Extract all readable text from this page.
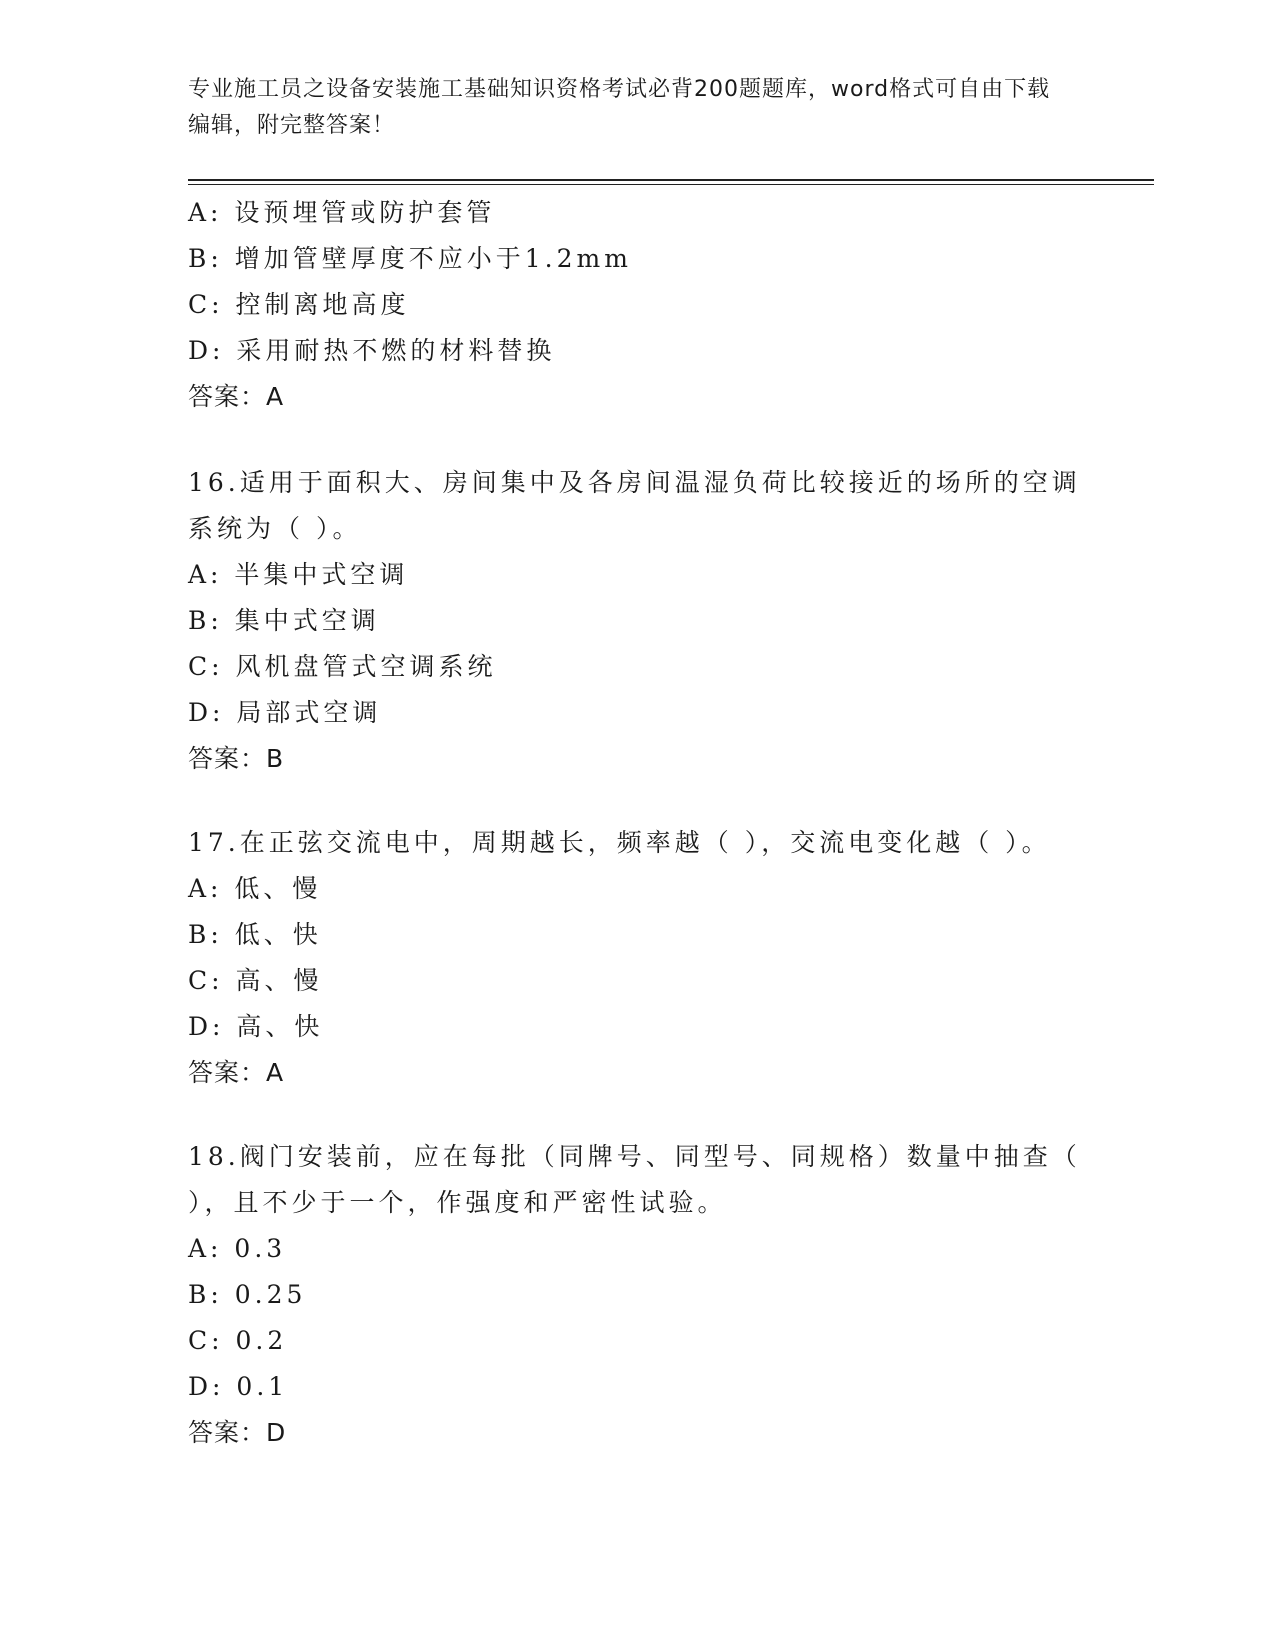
专业施工员之设备安装施工基础知识资格考试必背200题题库，word格式可自由下载编辑，附完整答案！
A: 设预埋管或防护套管
B: 增加管壁厚度不应小于1.2mm
C: 控制离地高度
D: 采用耐热不燃的材料替换
答案：A
16.适用于面积大、房间集中及各房间温湿负荷比较接近的场所的空调系统为（ ）。
A: 半集中式空调
B: 集中式空调
C: 风机盘管式空调系统
D: 局部式空调
答案：B
17.在正弦交流电中，周期越长，频率越（ ），交流电变化越（ ）。
A: 低、慢
B: 低、快
C: 高、慢
D: 高、快
答案：A
18.阀门安装前，应在每批（同牌号、同型号、同规格）数量中抽查（ ），且不少于一个，作强度和严密性试验。
A: 0.3
B: 0.25
C: 0.2
D: 0.1
答案：D
